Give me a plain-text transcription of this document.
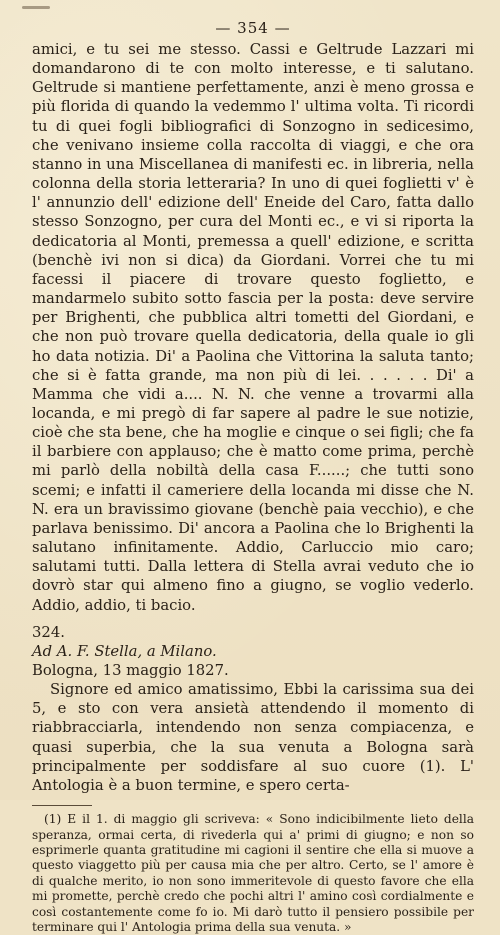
— 354 —

amici, e tu sei me stesso. Cassi e Geltrude Lazzari mi domandarono di te con molto interesse, e ti salutano. Geltrude si mantiene perfettamente, anzi è meno grossa e più florida di quando la vedemmo l' ultima volta. Ti ricordi tu di quei fogli bibliografici di Sonzogno in sedicesimo, che venivano insieme colla raccolta di viaggi, e che ora stanno in una Miscellanea di manifesti ec. in libreria, nella colonna della storia letteraria? In uno di quei foglietti v' è l' annunzio dell' edizione dell' Eneide del Caro, fatta dallo stesso Sonzogno, per cura del Monti ec., e vi si riporta la dedicatoria al Monti, premessa a quell' edizione, e scritta (benchè ivi non si dica) da Giordani. Vorrei che tu mi facessi il piacere di trovare questo foglietto, e mandarmelo subito sotto fascia per la posta: deve servire per Brighenti, che pubblica altri tometti del Giordani, e che non può trovare quella dedicatoria, della quale io gli ho data notizia. Di' a Paolina che Vittorina la saluta tanto; che si è fatta grande, ma non più di lei. . . . . . Di' a Mamma che vidi a.... N. N. che venne a trovarmi alla locanda, e mi pregò di far sapere al padre le sue notizie, cioè che sta bene, che ha moglie e cinque o sei figli; che fa il barbiere con applauso; che è matto come prima, perchè mi parlò della nobiltà della casa F......; che tutti sono scemi; e infatti il cameriere della locanda mi disse che N. N. era un bravissimo giovane (benchè paia vecchio), e che parlava benissimo. Di' ancora a Paolina che lo Brighenti la salutano infinitamente. Addio, Carluccio mio caro; salutami tutti. Dalla lettera di Stella avrai veduto che io dovrò star qui almeno fino a giugno, se voglio vederlo. Addio, addio, ti bacio.

324.

Ad A. F. Stella, a Milano.

Bologna, 13 maggio 1827.

Signore ed amico amatissimo, Ebbi la carissima sua dei 5, e sto con vera ansietà attendendo il momento di riabbracciarla, intendendo non senza compiacenza, e quasi superbia, che la sua venuta a Bologna sarà principalmente per soddisfare al suo cuore (1). L' Antologia è a buon termine, e spero certa-

(1) E il 1. di maggio gli scriveva: « Sono indicibilmente lieto della speranza, ormai certa, di rivederla qui a' primi di giugno; e non so esprimerle quanta gratitudine mi cagioni il sentire che ella si muove a questo viaggetto più per causa mia che per altro. Certo, se l' amore è di qualche merito, io non sono immeritevole di questo favore che ella mi promette, perchè credo che pochi altri l' amino così cordialmente e così costantemente come fo io. Mi darò tutto il pensiero possibile per terminare qui l' Antologia prima della sua venuta. »
